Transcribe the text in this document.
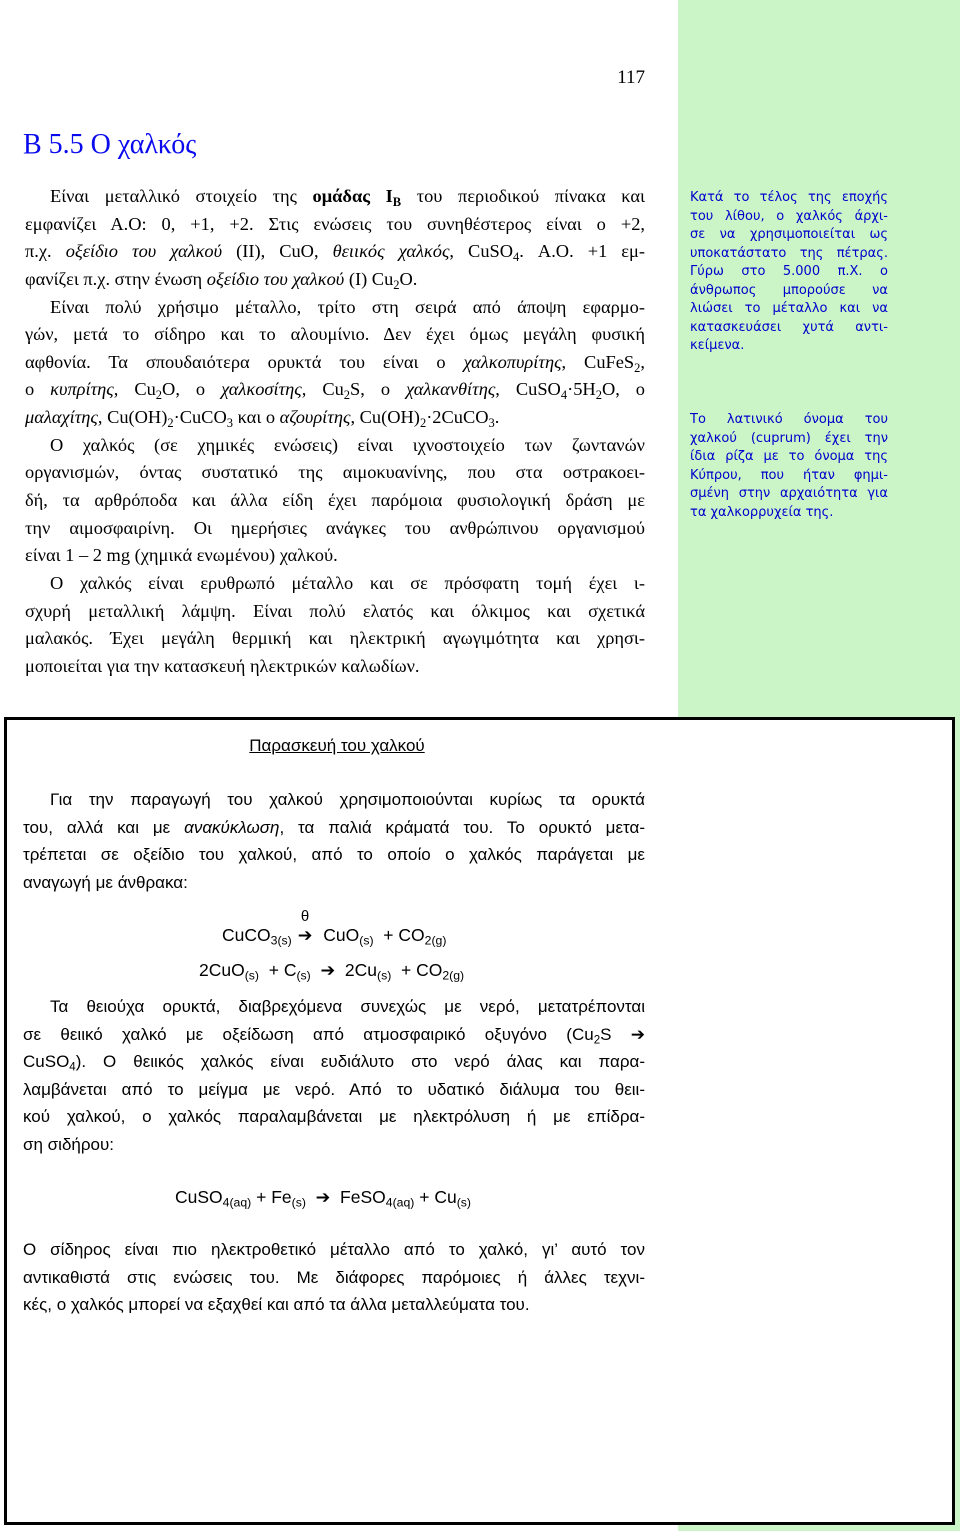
117
Β 5.5 Ο χαλκός
Είναι μεταλλικό στοιχείο της ομάδας $I_B$ του περιοδικού πίνακα και
εμφανίζει Α.Ο: 0, +1, +2. Στις ενώσεις του συνηθέστερος είναι ο +2,
π.χ. οξείδιο του χαλκού (II), CuO, θειικός χαλκός, CuSO$_4$. Α.Ο. +1 εμ-
φανίζει π.χ. στην ένωση οξείδιο του χαλκού (I) $Cu_2O$.
Είναι πολύ χρήσιμο μέταλλο, τρίτο στη σειρά από άποψη εφαρμο-
γών, μετά το σίδηρο και το αλουμίνιο. Δεν έχει όμως μεγάλη φυσική
αφθονία. Τα σπουδαιότερα ορυκτά του είναι ο χαλκοπυρίτης, CuFeS$_2$,
ο κυπρίτης, $Cu_2O$, ο χαλκοσίτης, $Cu_2S$, ο χαλκανθίτης, $CuSO_4\cdot 5H_2O$, ο
μαλαχίτης, $Cu(OH)_2\cdot CuCO_3$ και ο αζουρίτης, $Cu(OH)_2\cdot 2CuCO_3$.
Ο χαλκός (σε χημικές ενώσεις) είναι ιχνοστοιχείο των ζωντανών
οργανισμών, όντας συστατικό της αιμοκυανίνης, που στα οστρακοει-
δή, τα αρθρόποδα και άλλα είδη έχει παρόμοια φυσιολογική δράση με
την αιμοσφαιρίνη. Οι ημερήσιες ανάγκες του ανθρώπινου οργανισμού
είναι 1 – 2 mg (χημικά ενωμένου) χαλκού.
Ο χαλκός είναι ερυθρωπό μέταλλο και σε πρόσφατη τομή έχει ι-
σχυρή μεταλλική λάμψη. Είναι πολύ ελατός και όλκιμος και σχετικά
μαλακός. Έχει μεγάλη θερμική και ηλεκτρική αγωγιμότητα και χρησι-
μοποιείται για την κατασκευή ηλεκτρικών καλωδίων.
Κατά το τέλος της εποχής
του λίθου, ο χαλκός άρχι-
σε να χρησιμοποιείται ως
υποκατάστατο της πέτρας.
Γύρω στο 5.000 π.Χ. ο
άνθρωπος μπορούσε να
λιώσει το μέταλλο και να
κατασκευάσει χυτά αντι-
κείμενα.
Το λατινικό όνομα του
χαλκού (cuprum) έχει την
ίδια ρίζα με το όνομα της
Κύπρου, που ήταν φημι-
σμένη στην αρχαιότητα για
τα χαλκορρυχεία της.
Παρασκευή του χαλκού
Για την παραγωγή του χαλκού χρησιμοποιούνται κυρίως τα ορυκτά
του, αλλά και με ανακύκλωση, τα παλιά κράματά του. Το ορυκτό μετα-
τρέπεται σε οξείδιο του χαλκού, από το οποίο ο χαλκός παράγεται με
αναγωγή με άνθρακα:
CuCO$_{3(s)}$
θ
➔ $CuO_{(s)} + CO_{2(g)}$
$2CuO_{(s)} + C_{(s)}$  ➔  $2Cu_{(s)} + CO_{2(g)}$
Τα θειούχα ορυκτά, διαβρεχόμενα συνεχώς με νερό, μετατρέπονται
σε θειικό χαλκό με οξείδωση από ατμοσφαιρικό οξυγόνο ($Cu_2S$ ➔
CuSO$_4$). Ο θειικός χαλκός είναι ευδιάλυτο στο νερό άλας και παρα-
λαμβάνεται από το μείγμα με νερό. Από το υδατικό διάλυμα του θειι-
κού χαλκού, ο χαλκός παραλαμβάνεται με ηλεκτρόλυση ή με επίδρα-
ση σιδήρου:
CuSO$_{4(aq)}$ + $Fe_{(s)}$  ➔  FeSO$_{4(aq)}$ + $Cu_{(s)}$
Ο σίδηρος είναι πιο ηλεκτροθετικό μέταλλο από το χαλκό, γι’ αυτό τον
αντικαθιστά στις ενώσεις του. Με διάφορες παρόμοιες ή άλλες τεχνι-
κές, ο χαλκός μπορεί να εξαχθεί και από τα άλλα μεταλλεύματα του.
